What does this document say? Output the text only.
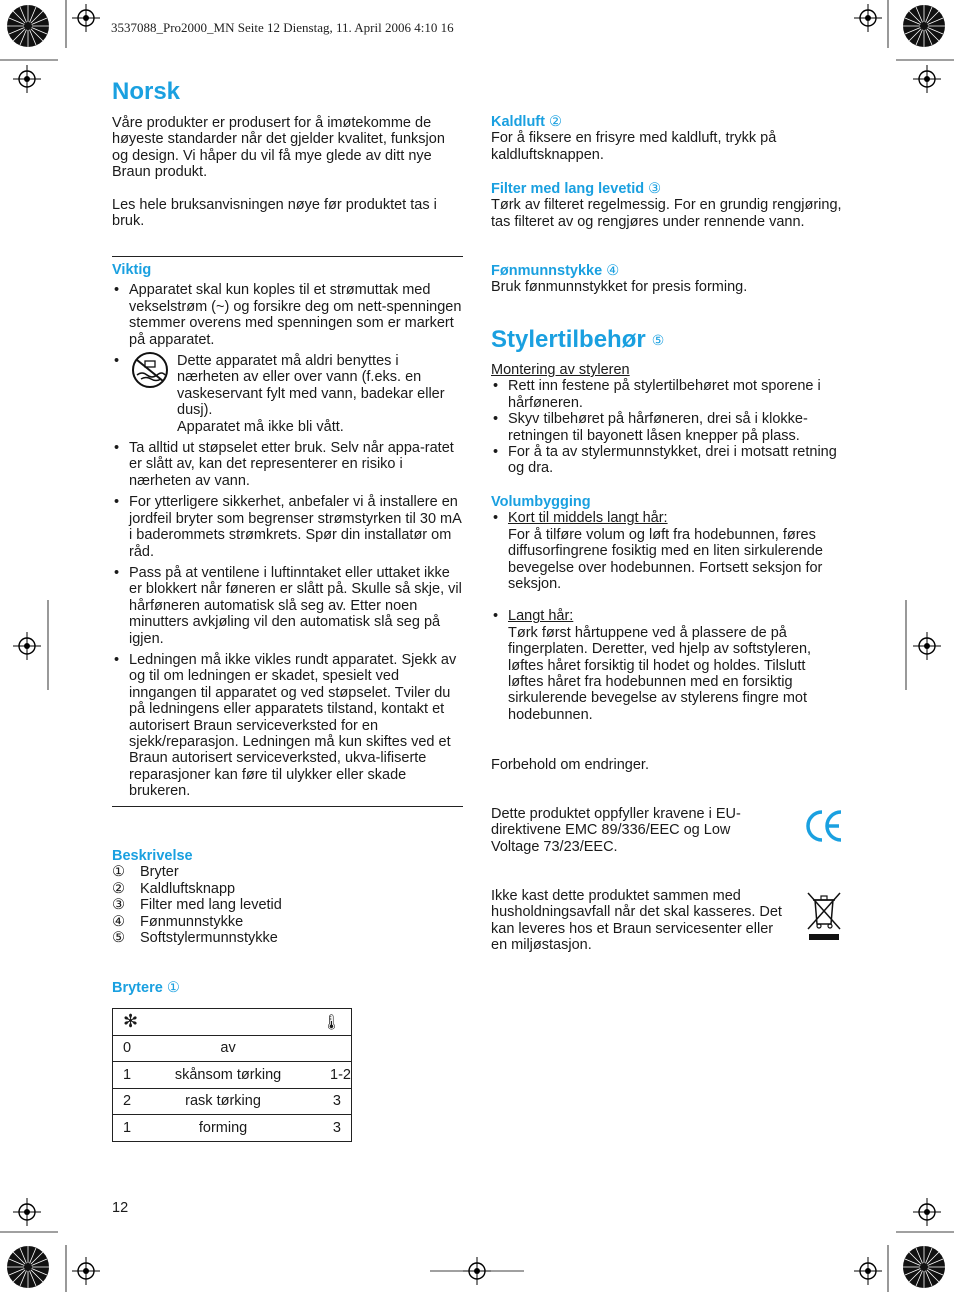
3537088_Pro2000_MN Seite 12 Dienstag, 11. April 2006 4:10 16
Norsk

Våre produkter er produsert for å imøtekomme de høyeste standarder når det gjelder kvalitet, funksjon og design. Vi håper du vil få mye glede av ditt nye Braun produkt.

Les hele bruksanvisningen nøye før produktet tas i bruk.

Viktig
• Apparatet skal kun koples til et strømuttak med vekselstrøm (~) og forsikre deg om nett-spenningen stemmer overens med spenningen som er markert på apparatet.
• Dette apparatet må aldri benyttes i nærheten av eller over vann (f.eks. en vaskeservant fylt med vann, badekar eller dusj).
Apparatet må ikke bli vått.
• Ta alltid ut støpselet etter bruk. Selv når appa-ratet er slått av, kan det representerer en risiko i nærheten av vann.
• For ytterligere sikkerhet, anbefaler vi å installere en jordfeil bryter som begrenser strømstyrken til 30 mA i baderommets strømkrets. Spør din installatør om råd.
• Pass på at ventilene i luftinntaket eller uttaket ikke er blokkert når føneren er slått på. Skulle så skje, vil hårføneren automatisk slå seg av. Etter noen minutters avkjøling vil den automatisk slå seg på igjen.
• Ledningen må ikke vikles rundt apparatet. Sjekk av og til om ledningen er skadet, spesielt ved inngangen til apparatet og ved støpselet. Tviler du på ledningens eller apparatets tilstand, kontakt et autorisert Braun serviceverksted for en sjekk/reparasjon. Ledningen må kun skiftes ved et Braun autorisert serviceverksted, ukva-lifiserte reparasjoner kan føre til ulykker eller skade brukeren.
Beskrivelse
①	Bryter
②	Kaldluftsknapp
③	Filter med lang levetid
④	Fønmunnstykke
⑤	Softstylermunnstykke
Brytere ①
✻	🌡

0	av

1	skånsom tørking	1-2

2	rask tørking	3

1	forming	3
12
Kaldluft ②

For å fiksere en frisyre med kaldluft, trykk på kaldluftsknappen.

Filter med lang levetid ③

Tørk av filteret regelmessig. For en grundig rengjøring, tas filteret av og rengjøres under rennende vann.

Fønmunnstykke ④

Bruk fønmunnstykket for presis forming.

Stylertilbehør ⑤
Montering av styleren
• Rett inn festene på stylertilbehøret mot sporene i hårføneren.
• Skyv tilbehøret på hårføneren, drei så i klokke-retningen til bayonett låsen knepper på plass.
• For å ta av stylermunnstykket, drei i motsatt retning og dra.
Volumbygging
• Kort til middels langt hår:
For å tilføre volum og løft fra hodebunnen, føres diffusorfingrene fosiktig med en liten sirkulerende bevegelse over hodebunnen. Fortsett seksjon for seksjon.
• Langt hår:
Tørk først hårtuppene ved å plassere de på fingerplaten. Deretter, ved hjelp av softstyleren, løftes håret forsiktig til hodet og holdes. Tilslutt løftes håret fra hodebunnen med en forsiktig sirkulerende bevegelse av stylerens fingre mot hodebunnen.

Forbehold om endringer.

Dette produktet oppfyller kravene i EU-direktivene EMC 89/336/EEC og Low Voltage 73/23/EEC.

Ikke kast dette produktet sammen med husholdningsavfall når det skal kasseres. Det kan leveres hos et Braun servicesenter eller en miljøstasjon.
